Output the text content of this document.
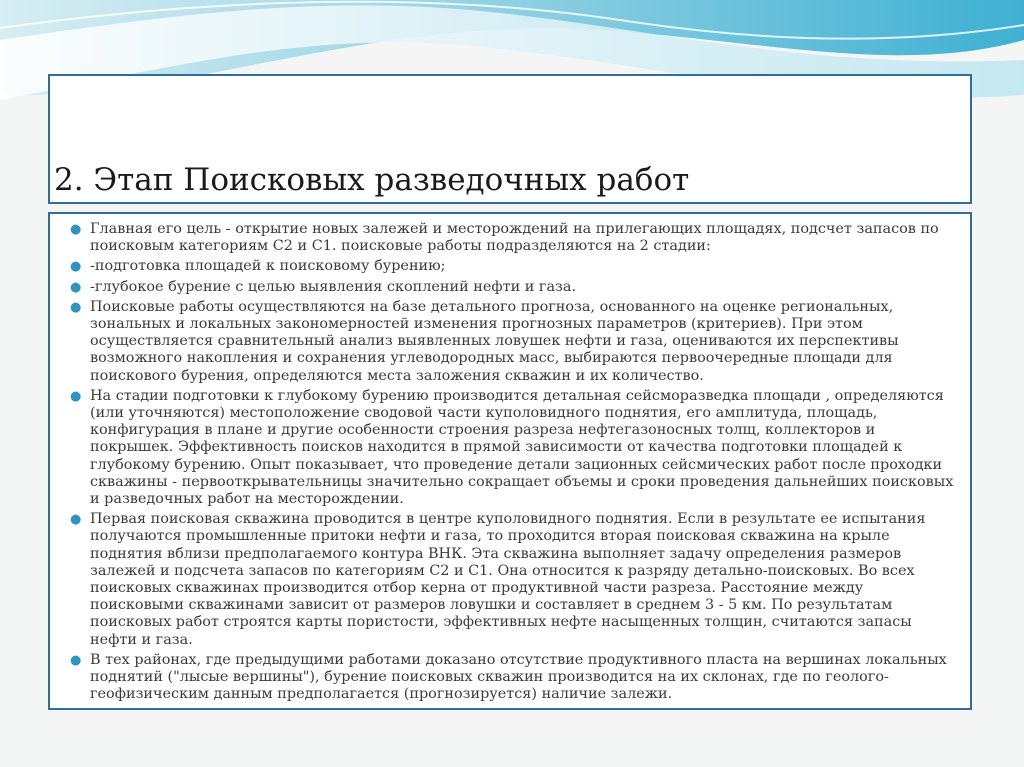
2. Этап Поисковых разведочных работ
● Главная его цель - открытие новых залежей и месторождений на прилегающих площадях, подсчет запасов по поисковым категориям С2 и С1. поисковые работы подразделяются на 2 стадии:
● -подготовка площадей к поисковому бурению;
● -глубокое бурение с целью выявления скоплений нефти и газа.
● Поисковые работы осуществляются на базе детального прогноза, основанного на оценке региональных, зональных и локальных закономерностей изменения прогнозных параметров (критериев). При этом осуществляется сравнительный анализ выявленных ловушек нефти и газа, оцениваются их перспективы возможного накопления и сохранения углеводородных масс, выбираются первоочередные площади для поискового бурения, определяются места заложения скважин и их количество.
● На стадии подготовки к глубокому бурению производится детальная сейсморазведка площади , определяются (или уточняются) местоположение сводовой части куполовидного поднятия, его амплитуда, площадь, конфигурация в плане и другие особенности строения разреза нефтегазоносных толщ, коллекторов и покрышек. Эффективность поисков находится в прямой зависимости от качества подготовки площадей к глубокому бурению. Опыт показывает, что проведение детали зационных сейсмических работ после проходки скважины - первооткрывательницы значительно сокращает объемы и сроки проведения дальнейших поисковых и разведочных работ на месторождении.
● Первая поисковая скважина проводится в центре куполовидного поднятия. Если в результате ее испытания получаются промышленные притоки нефти и газа, то проходится вторая поисковая скважина на крыле поднятия вблизи предполагаемого контура ВНК. Эта скважина выполняет задачу определения размеров залежей и подсчета запасов по категориям С2 и С1. Она относится к разряду детально-поисковых. Во всех поисковых скважинах производится отбор керна от продуктивной части разреза. Расстояние между поисковыми скважинами зависит от размеров ловушки и составляет в среднем 3 - 5 км. По результатам поисковых работ строятся карты пористости, эффективных нефте насыщенных толщин, считаются запасы нефти и газа.
● В тех районах, где предыдущими работами доказано отсутствие продуктивного пласта на вершинах локальных поднятий ("лысые вершины"), бурение поисковых скважин производится на их склонах, где по геолого-геофизическим данным предполагается (прогнозируется) наличие залежи.
